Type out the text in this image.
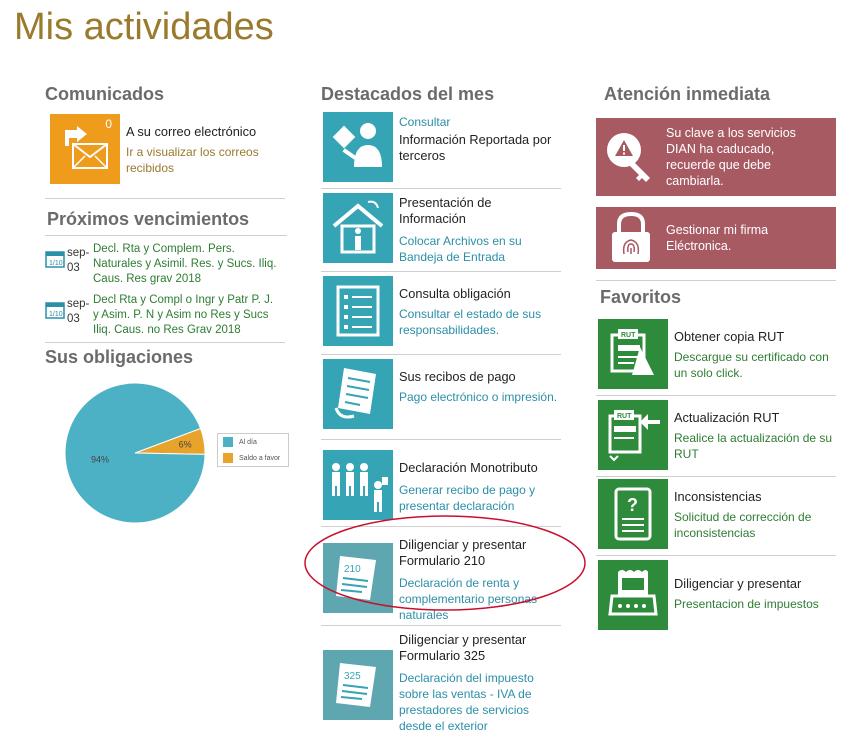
Mis actividades
Comunicados
0 A su correo electrónico
Ir a visualizar los correos recibidos
Próximos vencimientos
1/10
sep-03
Decl. Rta y Complem. Pers. Naturales y Asimil. Res. y Sucs. Iliq. Caus. Res grav 2018
1/10
sep-03
Decl Rta y Compl o Ingr y Patr P. J. y Asim. P. N y Asim no Res y Sucs Iliq. Caus. no Res Grav 2018
Sus obligaciones
6%
94%
Al día
Saldo a favor
Destacados del mes
Consultar
Información Reportada por terceros
Presentación de Información
Colocar Archivos en su Bandeja de Entrada
Consulta obligación
Consultar el estado de sus responsabilidades.
Sus recibos de pago
Pago electrónico o impresión.
Declaración Monotributo
Generar recibo de pago y presentar declaración
210
Diligenciar y presentar Formulario 210
Declaración de renta y complementario personas naturales
325
Diligenciar y presentar Formulario 325
Declaración del impuesto sobre las ventas - IVA de prestadores de servicios desde el exterior
Atención inmediata
Su clave a los servicios DIAN ha caducado, recuerde que debe cambiarla.
Gestionar mi firma Eléctronica.
Favoritos
RUT	Obtener copia RUT
Descargue su certificado con un solo click.
RUT	Actualización RUT
Realice la actualización de su RUT
?	Inconsistencias
Solicitud de corrección de inconsistencias
Diligenciar y presentar
Presentacion de impuestos
